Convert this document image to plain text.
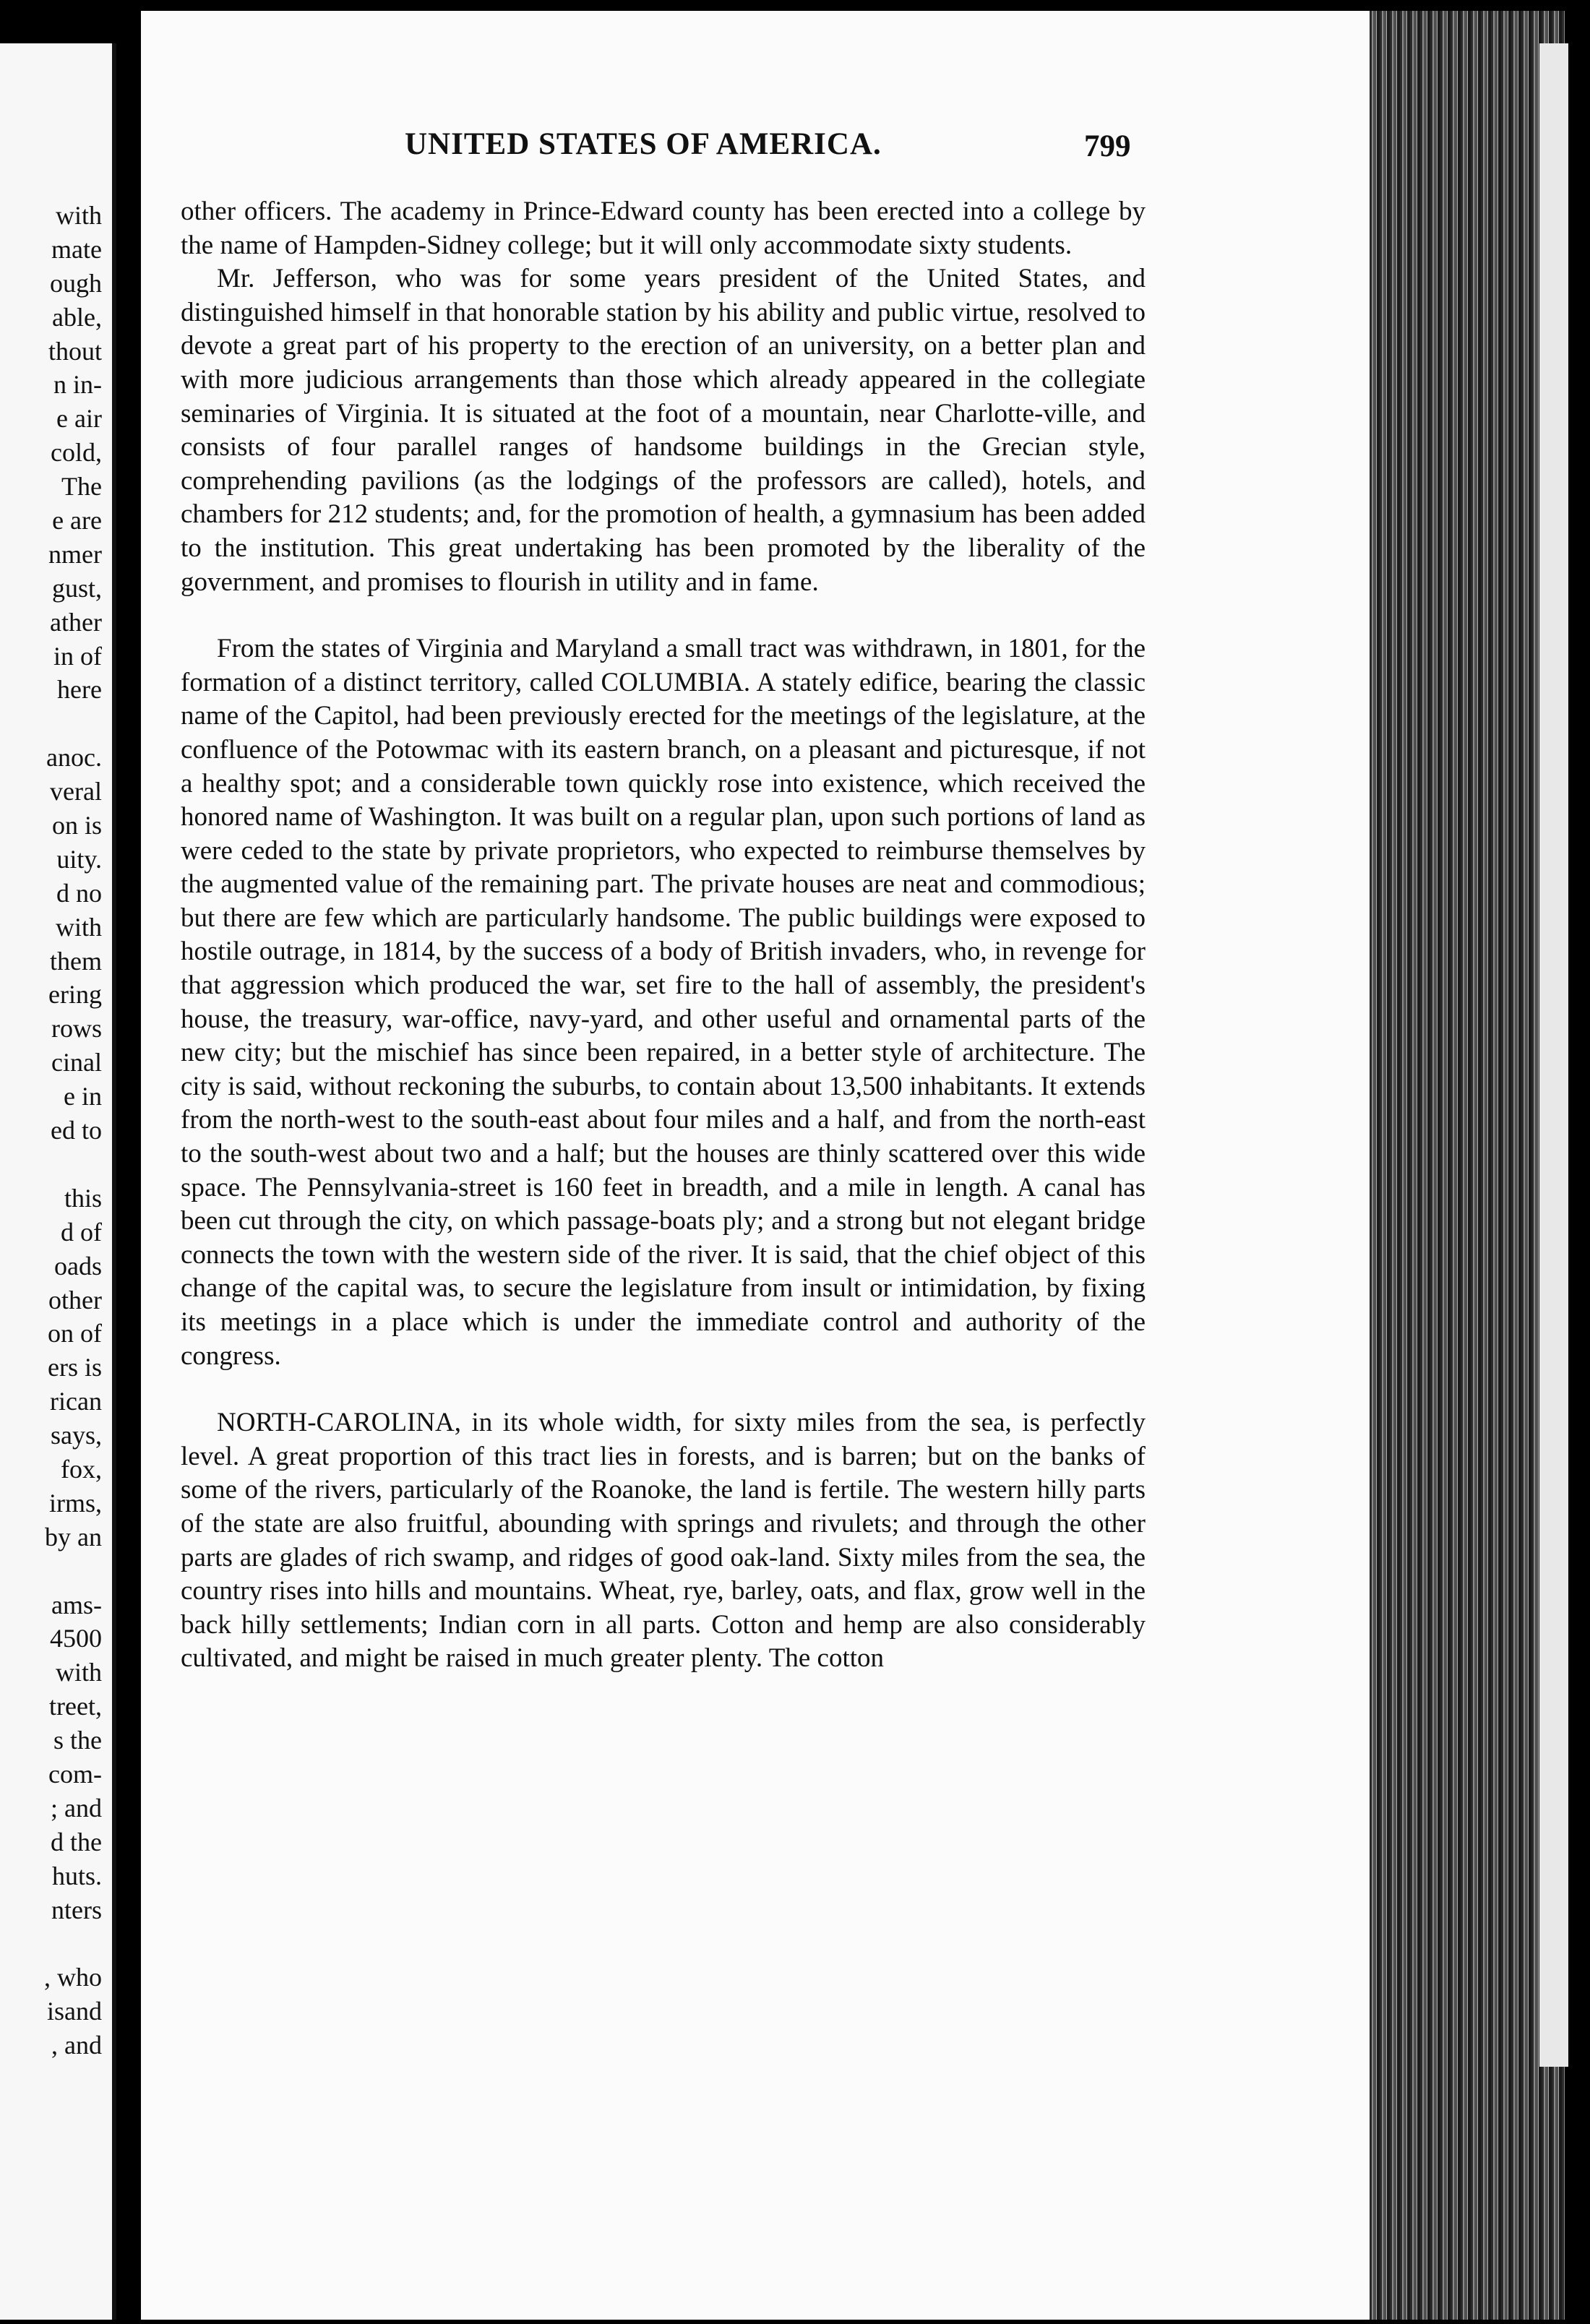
with
mate
ough
able,
thout
n in-
e air
cold,
The
e are
nmer
gust,
ather
in of
here
anoc.
veral
on is
uity.
d no
with
them
ering
rows
cinal
e in
ed to
this
d of
oads
other
on of
ers is
rican
says,
fox,
irms,
by an
ams-
4500
with
treet,
s the
com-
; and
d the
huts.
nters
, who
isand
, and
UNITED STATES OF AMERICA.	799

other officers. The academy in Prince-Edward county has been erected into a college by the name of Hampden-Sidney college; but it will only accommodate sixty students.

Mr. Jefferson, who was for some years president of the United States, and distinguished himself in that honorable station by his ability and public virtue, resolved to devote a great part of his property to the erection of an university, on a better plan and with more judicious arrangements than those which already appeared in the collegiate seminaries of Virginia. It is situated at the foot of a mountain, near Charlotte-ville, and consists of four parallel ranges of handsome buildings in the Grecian style, comprehending pavilions (as the lodgings of the professors are called), hotels, and chambers for 212 students; and, for the promotion of health, a gymnasium has been added to the institution. This great undertaking has been promoted by the liberality of the government, and promises to flourish in utility and in fame.

From the states of Virginia and Maryland a small tract was withdrawn, in 1801, for the formation of a distinct territory, called COLUMBIA. A stately edifice, bearing the classic name of the Capitol, had been previously erected for the meetings of the legislature, at the confluence of the Potowmac with its eastern branch, on a pleasant and picturesque, if not a healthy spot; and a considerable town quickly rose into existence, which received the honored name of Washington. It was built on a regular plan, upon such portions of land as were ceded to the state by private proprietors, who expected to reimburse themselves by the augmented value of the remaining part. The private houses are neat and commodious; but there are few which are particularly handsome. The public buildings were exposed to hostile outrage, in 1814, by the success of a body of British invaders, who, in revenge for that aggression which produced the war, set fire to the hall of assembly, the president's house, the treasury, war-office, navy-yard, and other useful and ornamental parts of the new city; but the mischief has since been repaired, in a better style of architecture. The city is said, without reckoning the suburbs, to contain about 13,500 inhabitants. It extends from the north-west to the south-east about four miles and a half, and from the north-east to the south-west about two and a half; but the houses are thinly scattered over this wide space. The Pennsylvania-street is 160 feet in breadth, and a mile in length. A canal has been cut through the city, on which passage-boats ply; and a strong but not elegant bridge connects the town with the western side of the river. It is said, that the chief object of this change of the capital was, to secure the legislature from insult or intimidation, by fixing its meetings in a place which is under the immediate control and authority of the congress.

NORTH-CAROLINA, in its whole width, for sixty miles from the sea, is perfectly level. A great proportion of this tract lies in forests, and is barren; but on the banks of some of the rivers, particularly of the Roanoke, the land is fertile. The western hilly parts of the state are also fruitful, abounding with springs and rivulets; and through the other parts are glades of rich swamp, and ridges of good oak-land. Sixty miles from the sea, the country rises into hills and mountains. Wheat, rye, barley, oats, and flax, grow well in the back hilly settlements; Indian corn in all parts. Cotton and hemp are also considerably cultivated, and might be raised in much greater plenty. The cotton
